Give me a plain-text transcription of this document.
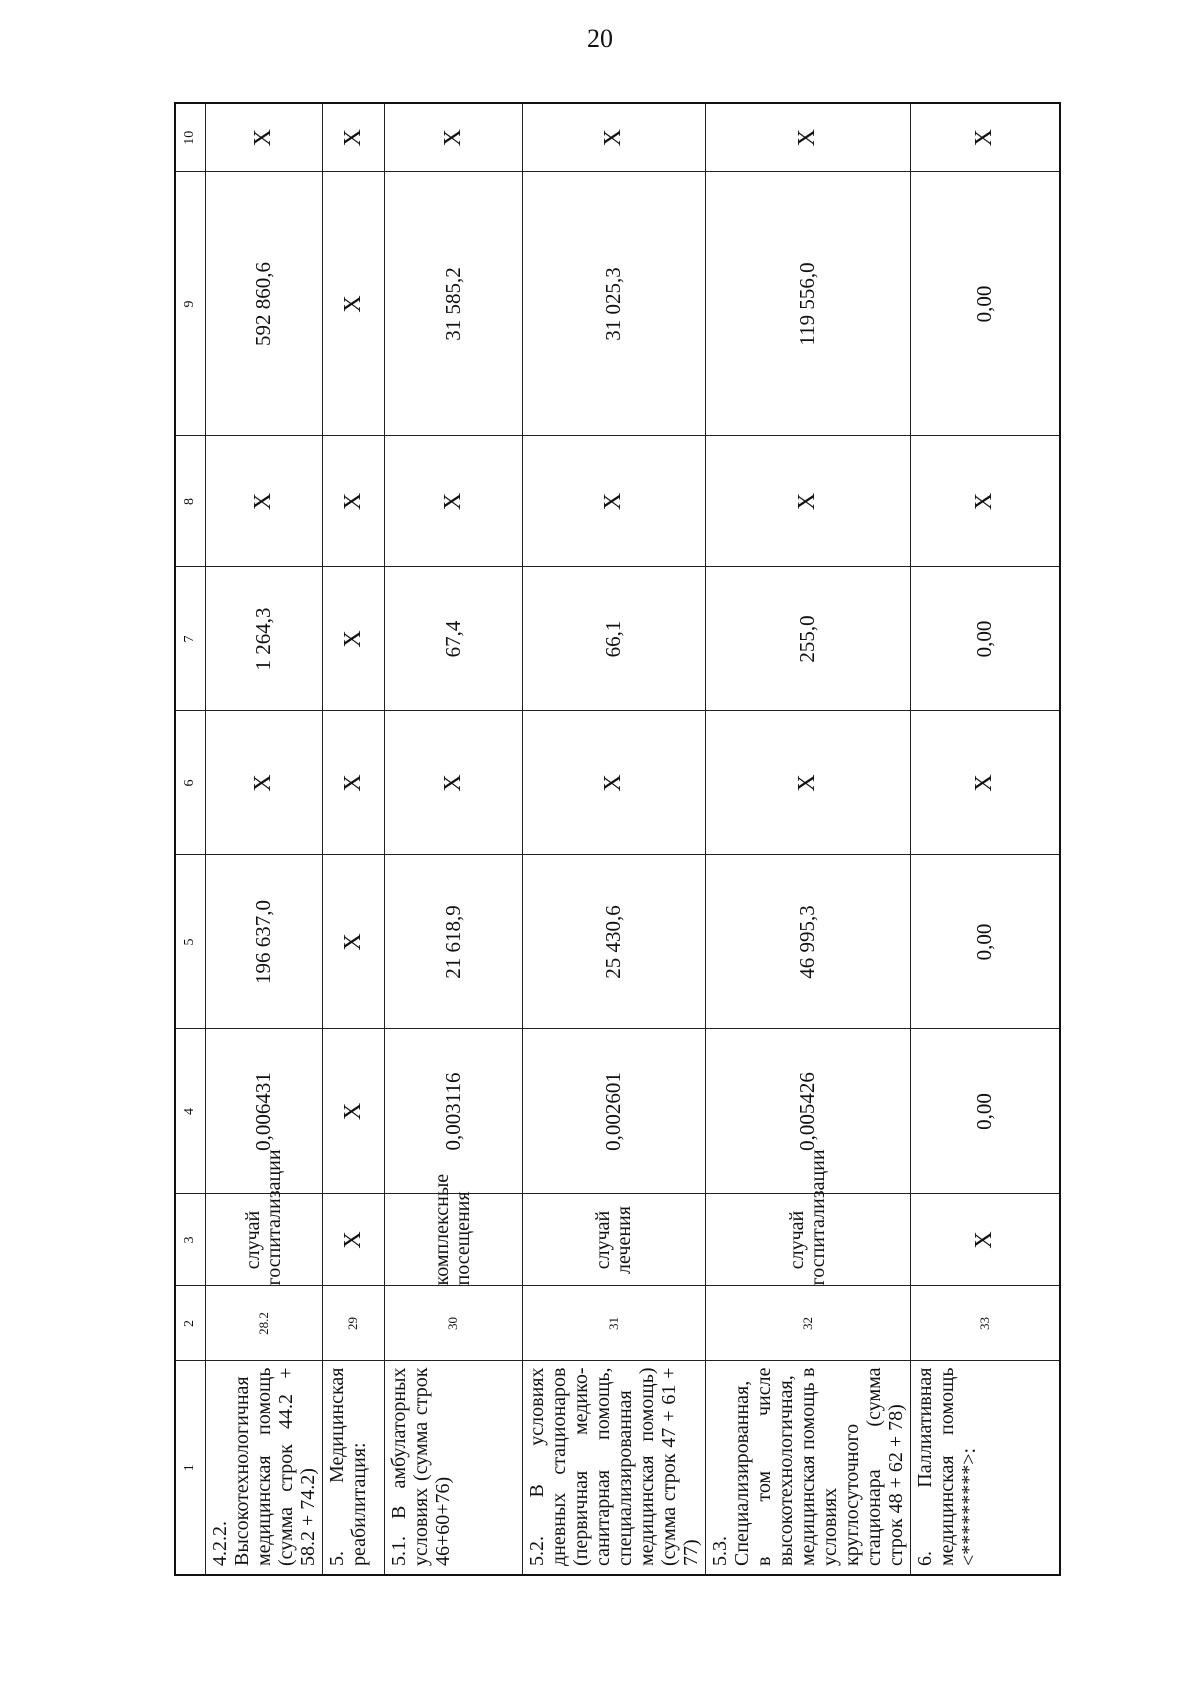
20
1	2	3	4	5	6	7	8	9	10
4.2.2. Высокотехнологичная медицинская помощь (сумма строк 44.2 + 58.2 + 74.2)	28.2	случай госпитализации	0,006431	196 637,0	X	1 264,3	X	592 860,6	X
5. Медицинская реабилитация:	29	X	X	X	X	X	X	X	X
5.1. В амбулаторных условиях (сумма строк 46+60+76)	30	комплексные посещения	0,003116	21 618,9	X	67,4	X	31 585,2	X
5.2. В условиях дневных стационаров (первичная медико-санитарная помощь, специализированная медицинская помощь) (сумма строк 47 + 61 + 77)	31	случай лечения	0,002601	25 430,6	X	66,1	X	31 025,3	X
5.3. Специализированная, в том числе высокотехнологичная, медицинская помощь в условиях круглосуточного стационара (сумма строк 48 + 62 + 78)	32	случай госпитализации	0,005426	46 995,3	X	255,0	X	119 556,0	X
6. Паллиативная медицинская помощь <*********>:	33	X	0,00	0,00	X	0,00	X	0,00	X
